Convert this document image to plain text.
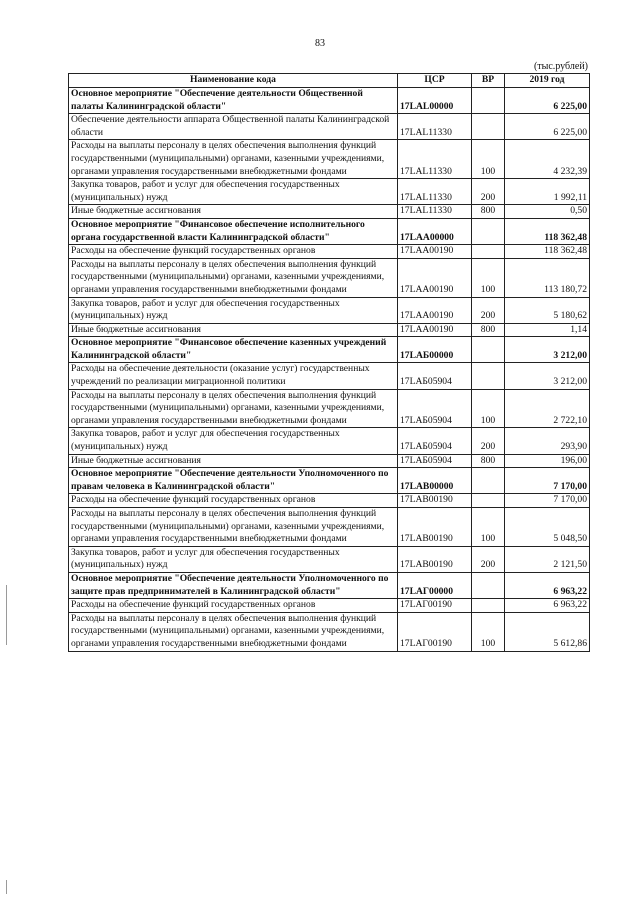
83
(тыс.рублей)
Наименование кода	ЦСР	ВР	2019 год
Основное мероприятие "Обеспечение деятельности Общественной палаты Калининградской области"	17LAL00000		6 225,00
Обеспечение деятельности аппарата Общественной палаты Калининградской области	17LAL11330		6 225,00
Расходы на выплаты персоналу в целях обеспечения выполнения функций государственными (муниципальными) органами, казенными учреждениями, органами управления государственными внебюджетными фондами	17LAL11330	100	4 232,39
Закупка товаров, работ и услуг для обеспечения государственных (муниципальных) нужд	17LAL11330	200	1 992,11
Иные бюджетные ассигнования	17LAL11330	800	0,50
Основное мероприятие "Финансовое обеспечение исполнительного органа государственной власти Калининградской области"	17LAA00000		118 362,48
Расходы на обеспечение функций государственных органов	17LAA00190		118 362,48
Расходы на выплаты персоналу в целях обеспечения выполнения функций государственными (муниципальными) органами, казенными учреждениями, органами управления государственными внебюджетными фондами	17LAA00190	100	113 180,72
Закупка товаров, работ и услуг для обеспечения государственных (муниципальных) нужд	17LAA00190	200	5 180,62
Иные бюджетные ассигнования	17LAA00190	800	1,14
Основное мероприятие "Финансовое обеспечение казенных учреждений Калининградской области"	17LAБ00000		3 212,00
Расходы на обеспечение деятельности (оказание услуг) государственных учреждений по реализации миграционной политики	17LAБ05904		3 212,00
Расходы на выплаты персоналу в целях обеспечения выполнения функций государственными (муниципальными) органами, казенными учреждениями, органами управления государственными внебюджетными фондами	17LAБ05904	100	2 722,10
Закупка товаров, работ и услуг для обеспечения государственных (муниципальных) нужд	17LAБ05904	200	293,90
Иные бюджетные ассигнования	17LAБ05904	800	196,00
Основное мероприятие "Обеспечение деятельности Уполномоченного по правам человека в Калининградской области"	17LAB00000		7 170,00
Расходы на обеспечение функций государственных органов	17LAB00190		7 170,00
Расходы на выплаты персоналу в целях обеспечения выполнения функций государственными (муниципальными) органами, казенными учреждениями, органами управления государственными внебюджетными фондами	17LAB00190	100	5 048,50
Закупка товаров, работ и услуг для обеспечения государственных (муниципальных) нужд	17LAB00190	200	2 121,50
Основное мероприятие "Обеспечение деятельности Уполномоченного по защите прав предпринимателей в Калининградской области"	17LAГ00000		6 963,22
Расходы на обеспечение функций государственных органов	17LAГ00190		6 963,22
Расходы на выплаты персоналу в целях обеспечения выполнения функций государственными (муниципальными) органами, казенными учреждениями, органами управления государственными внебюджетными фондами	17LAГ00190	100	5 612,86
